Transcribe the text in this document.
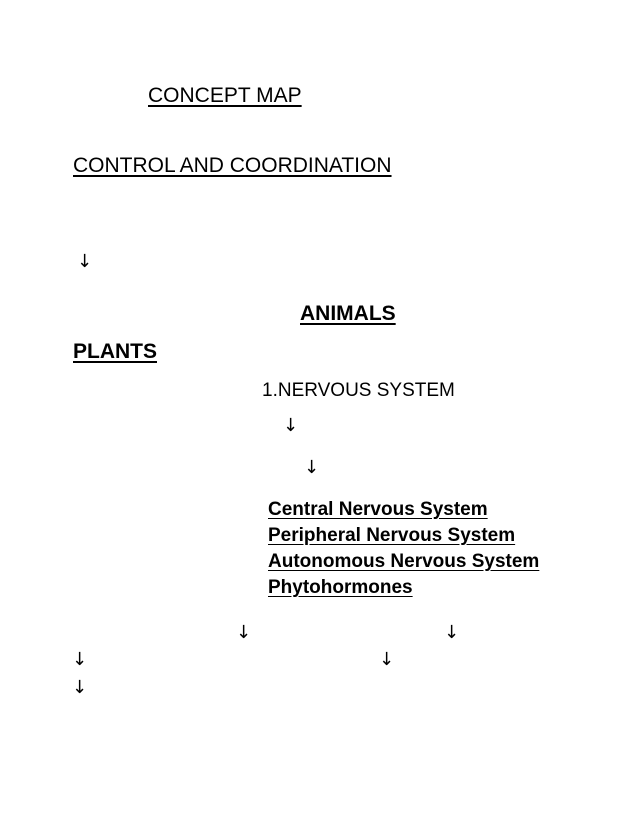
CONCEPT MAP
CONTROL AND COORDINATION
↓
ANIMALS
PLANTS
1.NERVOUS SYSTEM
↓
↓
Central Nervous System
Peripheral Nervous System
Autonomous Nervous System
Phytohormones
↓	↓
↓	↓
↓
